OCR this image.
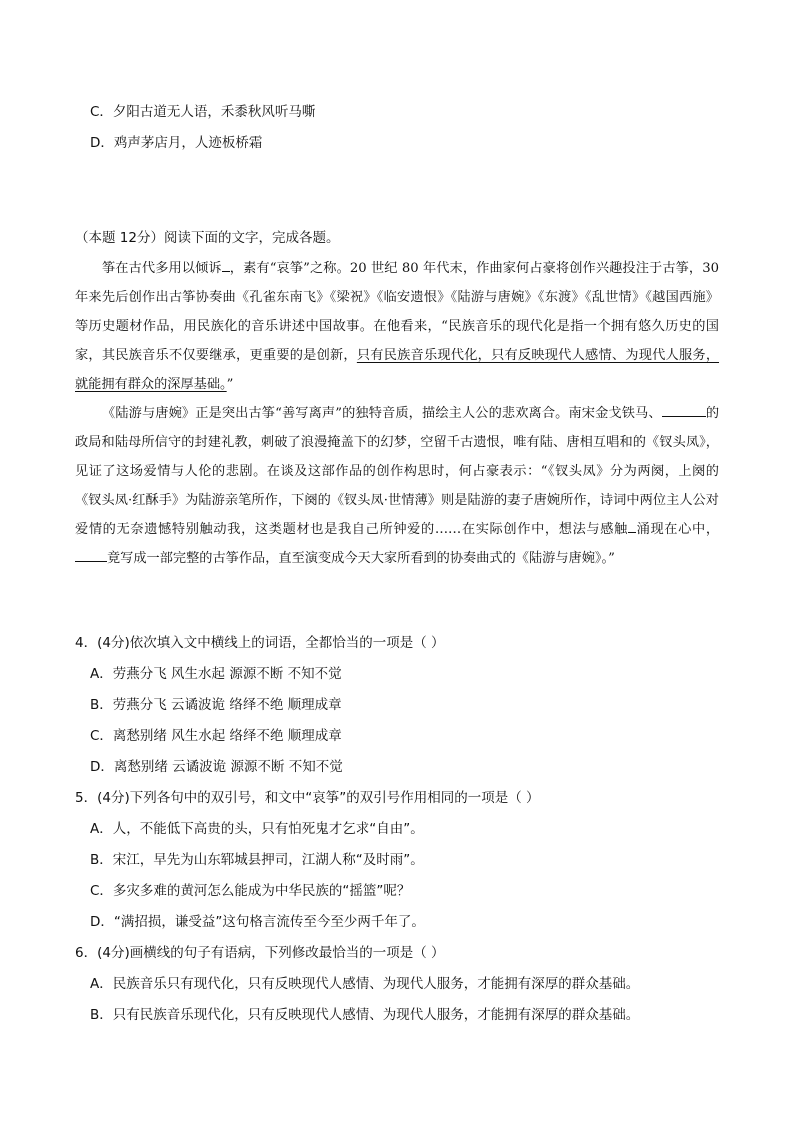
C．夕阳古道无人语，禾黍秋风听马嘶
D．鸡声茅店月，人迹板桥霜
（本题 12分）阅读下面的文字，完成各题。

筝在古代多用以倾诉 ，素有“哀筝”之称。20 世纪 80 年代末，作曲家何占豪将创作兴趣投注于古筝，30 年来先后创作出古筝协奏曲《孔雀东南飞》《梁祝》《临安遗恨》《陆游与唐婉》《东渡》《乱世情》《越国西施》等历史题材作品，用民族化的音乐讲述中国故事。在他看来，“民族音乐的现代化是指一个拥有悠久历史的国家，其民族音乐不仅要继承，更重要的是创新，只有民族音乐现代化，只有反映现代人感情、为现代人服务，就能拥有群众的深厚基础。”

《陆游与唐婉》正是突出古筝“善写离声”的独特音质，描绘主人公的悲欢离合。南宋金戈铁马、	的政局和陆母所信守的封建礼教，刺破了浪漫掩盖下的幻梦，空留千古遗恨，唯有陆、唐相互唱和的《钗头凤》，见证了这场爱情与人伦的悲剧。在谈及这部作品的创作构思时，何占豪表示：“《钗头凤》分为两阕，上阕的《钗头凤·红酥手》为陆游亲笔所作，下阕的《钗头凤·世情薄》则是陆游的妻子唐婉所作，诗词中两位主人公对爱情的无奈遗憾特别触动我，这类题材也是我自己所钟爱的……在实际创作中，想法与感触 涌现在心中，竟写成一部完整的古筝作品，直至演变成今天大家所看到的协奏曲式的《陆游与唐婉》。”

4．(4分)依次填入文中横线上的词语，全都恰当的一项是（ ）
A．劳燕分飞 风生水起 源源不断 不知不觉
B．劳燕分飞 云谲波诡 络绎不绝 顺理成章
C．离愁别绪 风生水起 络绎不绝 顺理成章
D．离愁别绪 云谲波诡 源源不断 不知不觉
5．(4分)下列各句中的双引号，和文中“哀筝”的双引号作用相同的一项是（ ）
A．人，不能低下高贵的头，只有怕死鬼才乞求“自由”。
B．宋江，早先为山东郓城县押司，江湖人称“及时雨”。
C．多灾多难的黄河怎么能成为中华民族的“摇篮”呢？
D．“满招损，谦受益”这句格言流传至今至少两千年了。
6．(4分)画横线的句子有语病，下列修改最恰当的一项是（ ）
A．民族音乐只有现代化，只有反映现代人感情、为现代人服务，才能拥有深厚的群众基础。
B．只有民族音乐现代化，只有反映现代人感情、为现代人服务，才能拥有深厚的群众基础。
